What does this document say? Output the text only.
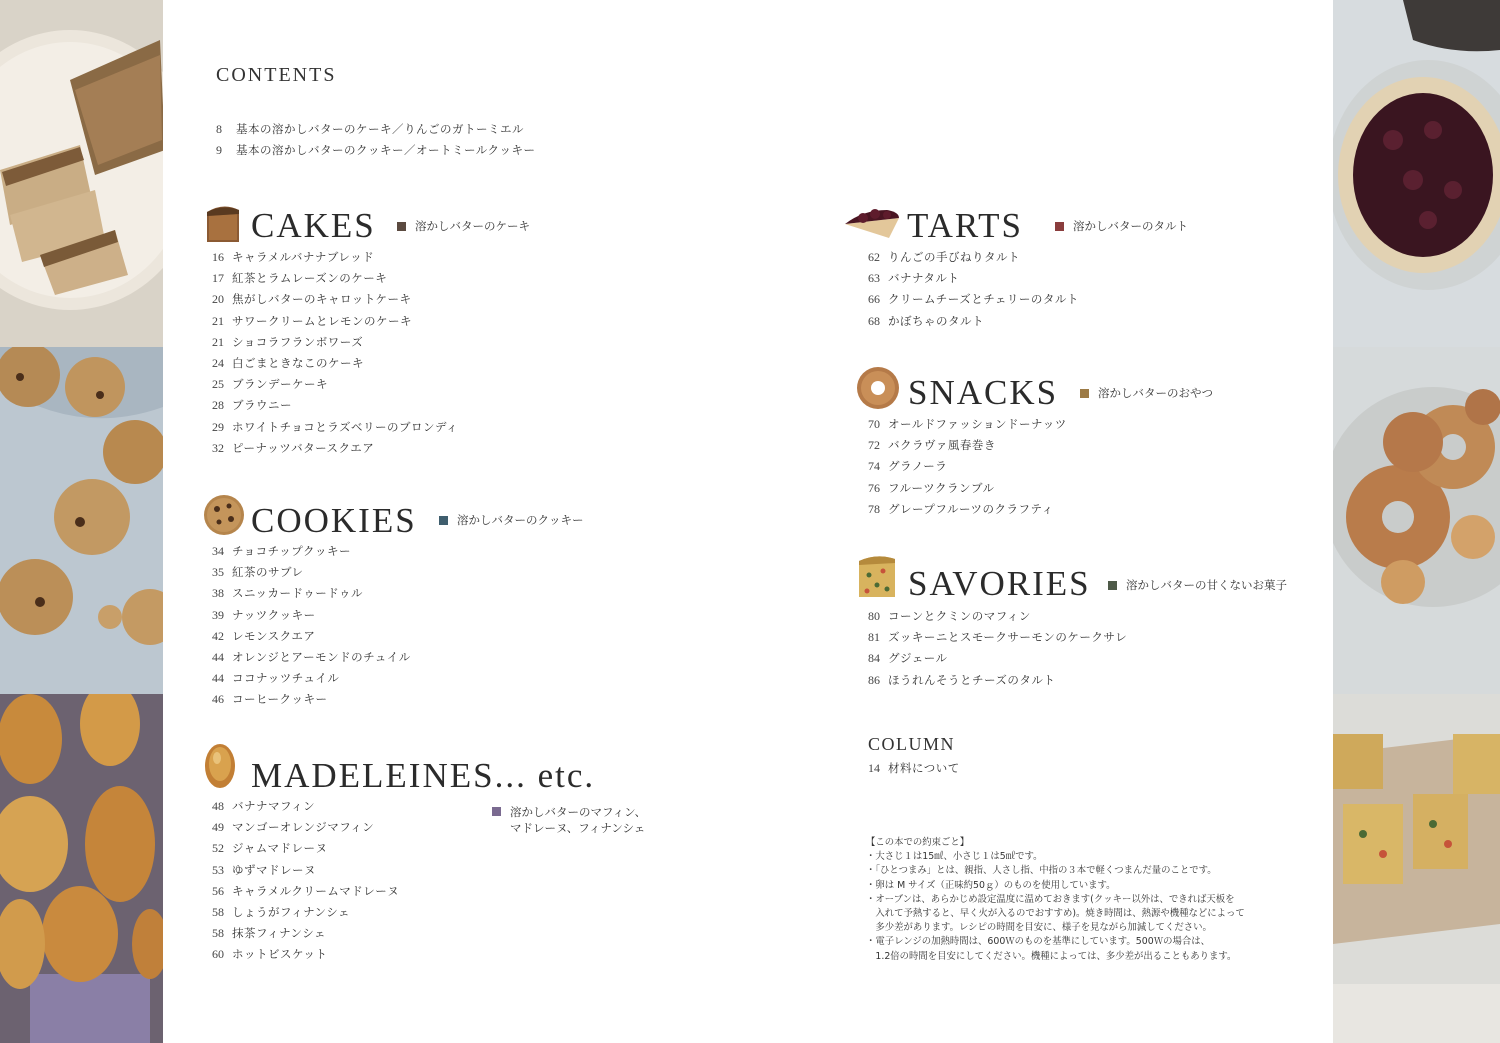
CONTENTS
8	基本の溶かしバターのケーキ／りんごのガトーミエル
9	基本の溶かしバターのクッキー／オートミールクッキー
CAKES	溶かしバターのケーキ
16 キャラメルバナナブレッド
17 紅茶とラムレーズンのケーキ
20 焦がしバターのキャロットケーキ
21 サワークリームとレモンのケーキ
21 ショコラフランボワーズ
24 白ごまときなこのケーキ
25 ブランデーケーキ
28 ブラウニー
29 ホワイトチョコとラズベリーのブロンディ
32 ピーナッツバタースクエア
COOKIES	溶かしバターのクッキー
34 チョコチップクッキー
35 紅茶のサブレ
38 スニッカードゥードゥル
39 ナッツクッキー
42 レモンスクエア
44 オレンジとアーモンドのチュイル
44 ココナッツチュイル
46 コーヒークッキー
MADELEINES... etc.
溶かしバターのマフィン、
マドレーヌ、フィナンシェ
48 バナナマフィン
49 マンゴーオレンジマフィン
52 ジャムマドレーヌ
53 ゆずマドレーヌ
56 キャラメルクリームマドレーヌ
58 しょうがフィナンシェ
58 抹茶フィナンシェ
60 ホットビスケット
TARTS	溶かしバターのタルト
62 りんごの手びねりタルト
63 バナナタルト
66 クリームチーズとチェリーのタルト
68 かぼちゃのタルト
SNACKS	溶かしバターのおやつ
70 オールドファッションドーナッツ
72 バクラヴァ風春巻き
74 グラノーラ
76 フルーツクランブル
78 グレープフルーツのクラフティ
SAVORIES	溶かしバターの甘くないお菓子
80 コーンとクミンのマフィン
81 ズッキーニとスモークサーモンのケークサレ
84 グジェール
86 ほうれんそうとチーズのタルト
COLUMN
14 材料について
【この本での約束ごと】
・大さじ１は15㎖、小さじ１は5㎖です。
・「ひとつまみ」とは、親指、人さし指、中指の３本で軽くつまんだ量のことです。
・卵は M サイズ（正味約50ｇ）のものを使用しています。
・オーブンは、あらかじめ設定温度に温めておきます(クッキー以外は、できれば天板を
　入れて予熱すると、早く火が入るのでおすすめ)。焼き時間は、熱源や機種などによって
　多少差があります。レシピの時間を目安に、様子を見ながら加減してください。
・電子レンジの加熱時間は、600Ｗのものを基準にしています。500Ｗの場合は、
　1.2倍の時間を目安にしてください。機種によっては、多少差が出ることもあります。
